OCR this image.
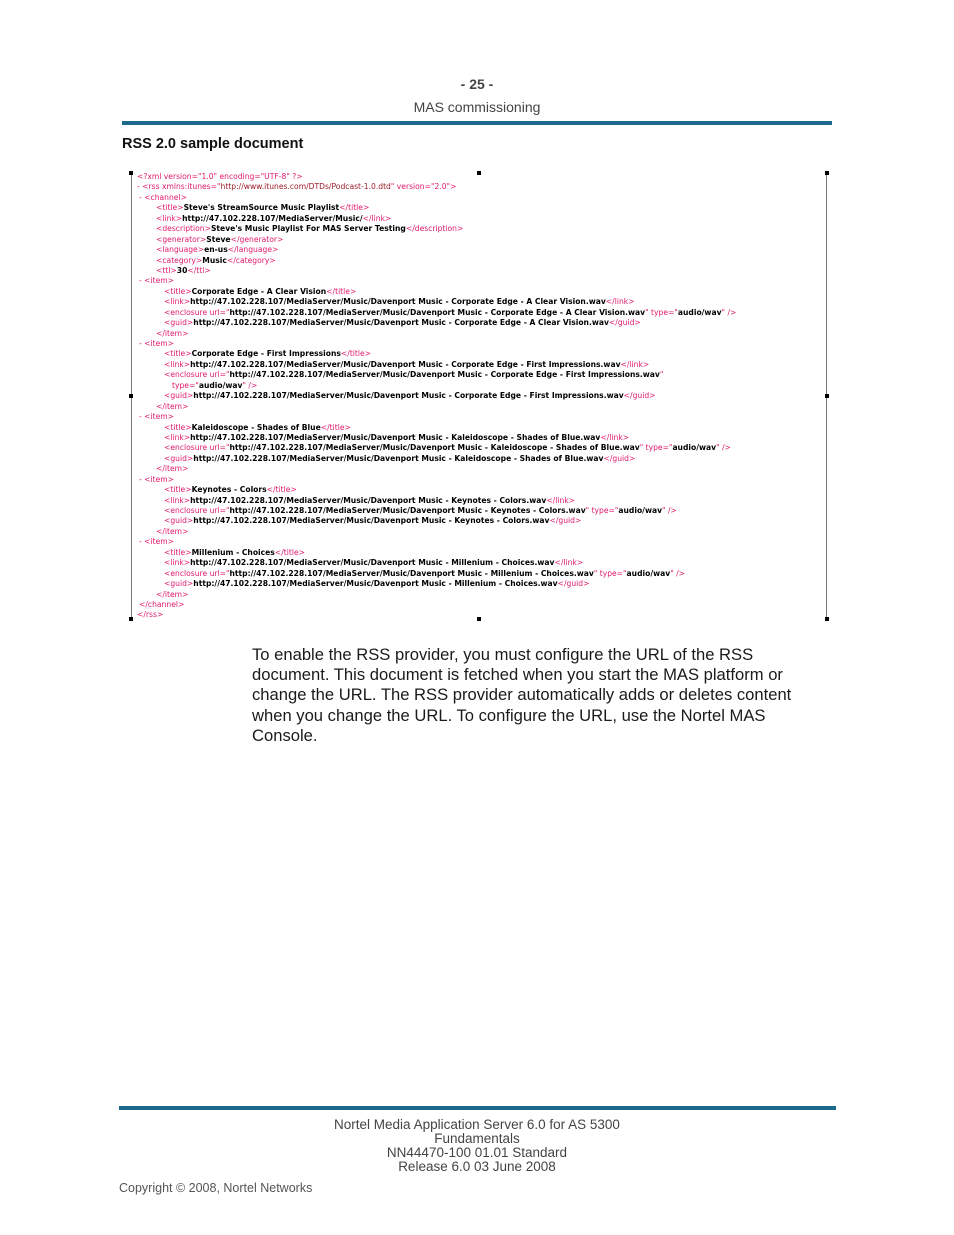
- 25 -
MAS commissioning
RSS 2.0 sample document
<?xml version="1.0" encoding="UTF-8" ?>
- <rss xmlns:itunes="http://www.itunes.com/DTDs/Podcast-1.0.dtd" version="2.0">
- <channel>
<title>Steve's StreamSource Music Playlist</title>
<link>http://47.102.228.107/MediaServer/Music/</link>
<description>Steve's Music Playlist For MAS Server Testing</description>
<generator>Steve</generator>
<language>en-us</language>
<category>Music</category>
<ttl>30</ttl>
- <item>
<title>Corporate Edge - A Clear Vision</title>
<link>http://47.102.228.107/MediaServer/Music/Davenport Music - Corporate Edge - A Clear Vision.wav</link>
<enclosure url="http://47.102.228.107/MediaServer/Music/Davenport Music - Corporate Edge - A Clear Vision.wav" type="audio/wav" />
<guid>http://47.102.228.107/MediaServer/Music/Davenport Music - Corporate Edge - A Clear Vision.wav</guid>
</item>
- <item>
<title>Corporate Edge - First Impressions</title>
<link>http://47.102.228.107/MediaServer/Music/Davenport Music - Corporate Edge - First Impressions.wav</link>
<enclosure url="http://47.102.228.107/MediaServer/Music/Davenport Music - Corporate Edge - First Impressions.wav"
type="audio/wav" />
<guid>http://47.102.228.107/MediaServer/Music/Davenport Music - Corporate Edge - First Impressions.wav</guid>
</item>
- <item>
<title>Kaleidoscope - Shades of Blue</title>
<link>http://47.102.228.107/MediaServer/Music/Davenport Music - Kaleidoscope - Shades of Blue.wav</link>
<enclosure url="http://47.102.228.107/MediaServer/Music/Davenport Music - Kaleidoscope - Shades of Blue.wav" type="audio/wav" />
<guid>http://47.102.228.107/MediaServer/Music/Davenport Music - Kaleidoscope - Shades of Blue.wav</guid>
</item>
- <item>
<title>Keynotes - Colors</title>
<link>http://47.102.228.107/MediaServer/Music/Davenport Music - Keynotes - Colors.wav</link>
<enclosure url="http://47.102.228.107/MediaServer/Music/Davenport Music - Keynotes - Colors.wav" type="audio/wav" />
<guid>http://47.102.228.107/MediaServer/Music/Davenport Music - Keynotes - Colors.wav</guid>
</item>
- <item>
<title>Millenium - Choices</title>
<link>http://47.102.228.107/MediaServer/Music/Davenport Music - Millenium - Choices.wav</link>
<enclosure url="http://47.102.228.107/MediaServer/Music/Davenport Music - Millenium - Choices.wav" type="audio/wav" />
<guid>http://47.102.228.107/MediaServer/Music/Davenport Music - Millenium - Choices.wav</guid>
</item>
</channel>
</rss>
To enable the RSS provider, you must configure the URL of the RSS document. This document is fetched when you start the MAS platform or change the URL. The RSS provider automatically adds or deletes content when you change the URL. To configure the URL, use the Nortel MAS Console.
Nortel Media Application Server 6.0 for AS 5300
Fundamentals
NN44470-100 01.01 Standard
Release 6.0 03 June 2008
Copyright © 2008, Nortel Networks
